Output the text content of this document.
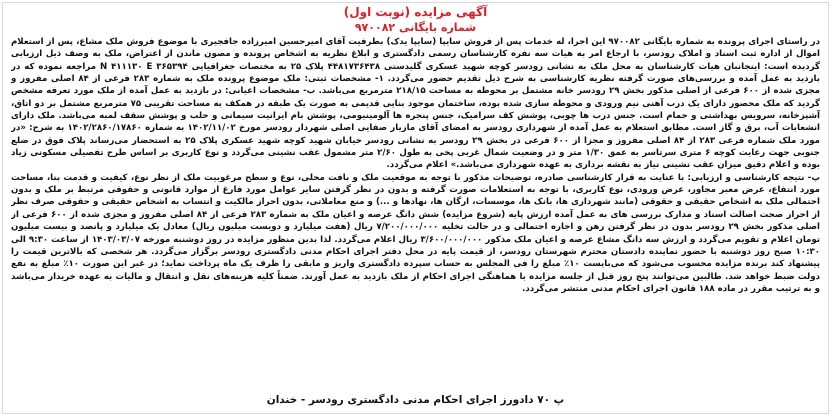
آگهی مزایده (نوبت اول)
شماره بایگانی ۹۷۰۰۸۲

در راستای اجرای پرونده به شماره بایگانی ۹۷۰۰۸۲ این اجرا، له خدمات پس از فروش سایپا (سایپا یدک) بطرفیت آقای امیرحسین امیرزاده جافجیری با موضوع فروش ملک مشاع، پس از استعلام اموال از اداره ثبت اسناد و املاک رودسر، با ارجاع امر به هیات سه نفره کارشناسان رسمی دادگستری و ابلاغ نظریه به اشخاص پرونده و مصون ماندن از اعتراض، ملک به وصف ذیل ارزیابی گردیده است: اینجانبان هیات کارشناسان به محل ملک به نشانی رودسر کوچه شهید عسکری گلیدستی ۴۴۸۱۷۳۶۴۳۸ پلاک ۲۵ به مختصات جغرافیایی N ۴۱۱۱۳۰ E ۳۶۵۳۹۴ مراجعه نموده که در بازدید به عمل آمده و بررسی‌های صورت گرفته نظریه کارشناسی به شرح ذیل تقدیم حضور می‌گردد. ۱- مشخصات ثبتی: ملک موضوع پرونده ملک به شماره ۲۸۳ فرعی از ۸۴ اصلی مفروز و مجزی شده از ۶۰۰ فرعی از اصلی مذکور بخش ۲۹ رودسر خانه مشتمل بر محوطه به مساحت ۲۱۸/۱۵ مترمربع می‌باشد. ب- مشخصات اعیانی: در بازدید به عمل آمده از ملک مورد تعرفه مشخص گردید که ملک محصور دارای یک درب آهنی نیم ورودی و محوطه سازی شده بوده، ساختمان موجود بنایی قدیمی به صورت یک طبقه در همکف به مساحت تقریبی ۷۵ مترمربع مشتمل بر دو اتاق، آشپزخانه، سرویس بهداشتی و حمام است. جنس درب ها چوبی، پوشش کف سرامیک، جنس پنجره ها آلومینیومی، پوشش بام ایرانیت سیمانی و حلب و پوشش سقف لمبه می‌باشد. ملک دارای انشعابات آب، برق و گاز است. مطابق استعلام به عمل آمده از شهرداری رودسر به امضای آقای مازیار صفایی اصلی شهردار رودسر مورخ ۱۴۰۲/۱۱/۰۲ به شماره ۱۴۰۲/۲۸۶۰/۱۷۸۶۰ به شرح: «در مورد ملک شماره فرعی ۲۸۳ از ۸۴ اصلی مفروز و مجزا از ۶۰۰ فرعی در بخش ۲۹ رودسر به نشانی رودسر خیابان شهید کوچه شهید عسکری پلاک ۲۵ به استحضار می‌رساند پلاک فوق در ضلع جنوبی جهت رعایت کوچه ۶ متری سرتاسر به عمق ۱/۳۰ متر و در وضعیت شمال غربی پخی به طول ۲/۶۰ متر مشمول عقب نشینی می‌گردد و نوع کاربری بر اساس طرح تفصیلی مسکونی زیاد بوده و اعلام دقیق میزان عقب نشینی نیاز به نقشه برداری به عهده شهرداری می‌باشد.» اعلام می‌گردد.

پ- نتیجه کارشناسی و ارزیابی: با عنایت به قرار کارشناسی صادره، توضیحات مذکور با توجه به موقعیت ملک و بافت محلی، نوع و سطح مرغوبیت ملک از نظر نوع، کیفیت و قدمت بنا، مساحت مورد انتفاع، عرض معبر مجاور، عرض ورودی، نوع کاربری، با توجه به استعلامات صورت گرفته و بدون در نظر گرفتن سایر عوامل مورد فارغ از موارد قانونی و حقوقی مرتبط بر ملک و بدون احتمالی ملک به اشخاص حقیقی و حقوقی (مانند شهرداری ها، بانک ها، موسسات، ارگان ها، نهادها و ...) و منع معاملاتی، بدون احراز مالکیت و انتساب به اشخاص حقیقی و حقوقی صرف نظر از احراز صحت اصالت اسناد و مدارک بررسی های به عمل آمده ارزش پایه (شروع مزایده) شش دانگ عرصه و اعیان ملک به شماره ۲۸۳ فرعی از ۸۴ اصلی مفروز و مجزی شده از ۶۰۰ فرعی از اصلی مذکور بخش ۲۹ رودسر بدون در نظر گرفتن رهن و اجاره احتمالی و در حالت تخلیه ۷/۲۰۰/۰۰۰/۰۰۰ ریال (هفت میلیارد و دویست میلیون ریال) معادل یک میلیارد و پانصد و بیست میلیون تومان اعلام و تقویم می‌گردد و ارزش سه دانگ مشاع عرصه و اعیان ملک مذکور ۳/۶۰۰/۰۰۰/۰۰۰ ریال اعلام می‌گردد. لذا بدین منظور مزایده در روز دوشنبه مورخه ۱۴۰۳/۰۳/۰۷ از ساعت ۹:۳۰ الی ۱۰:۳۰ صبح روز دوشنبه با حضور نماینده دادستان محترم شهرستان رودسر، از قیمت پایه در محل دفتر اجرای احکام مدنی دادگستری رودسر برگزار می‌گردد. هر شخصی که بالاترین قیمت را پیشنهاد کند برنده مزایده محسوب می‌شود که می‌بایست ۱۰٪ مبلغ را فی المجلس به حساب سپرده دادگستری واریز و مابقی را ظرف یک ماه پرداخت نماید؛ در غیر این صورت ۱۰٪ مبلغ به نفع دولت ضبط خواهد شد. طالبین می‌توانند پنج روز قبل از جلسه مزایده با هماهنگی اجرای احکام از ملک بازدید به عمل آورند. ضمناً کلیه هزینه‌های نقل و انتقال و مالیات به عهده خریدار می‌باشد و به ترتیب مقرر در ماده ۱۸۸ قانون اجرای احکام مدنی منتشر می‌گردد.

پ ۷۰ دادورز اجرای احکام مدنی دادگستری رودسر - خندان
